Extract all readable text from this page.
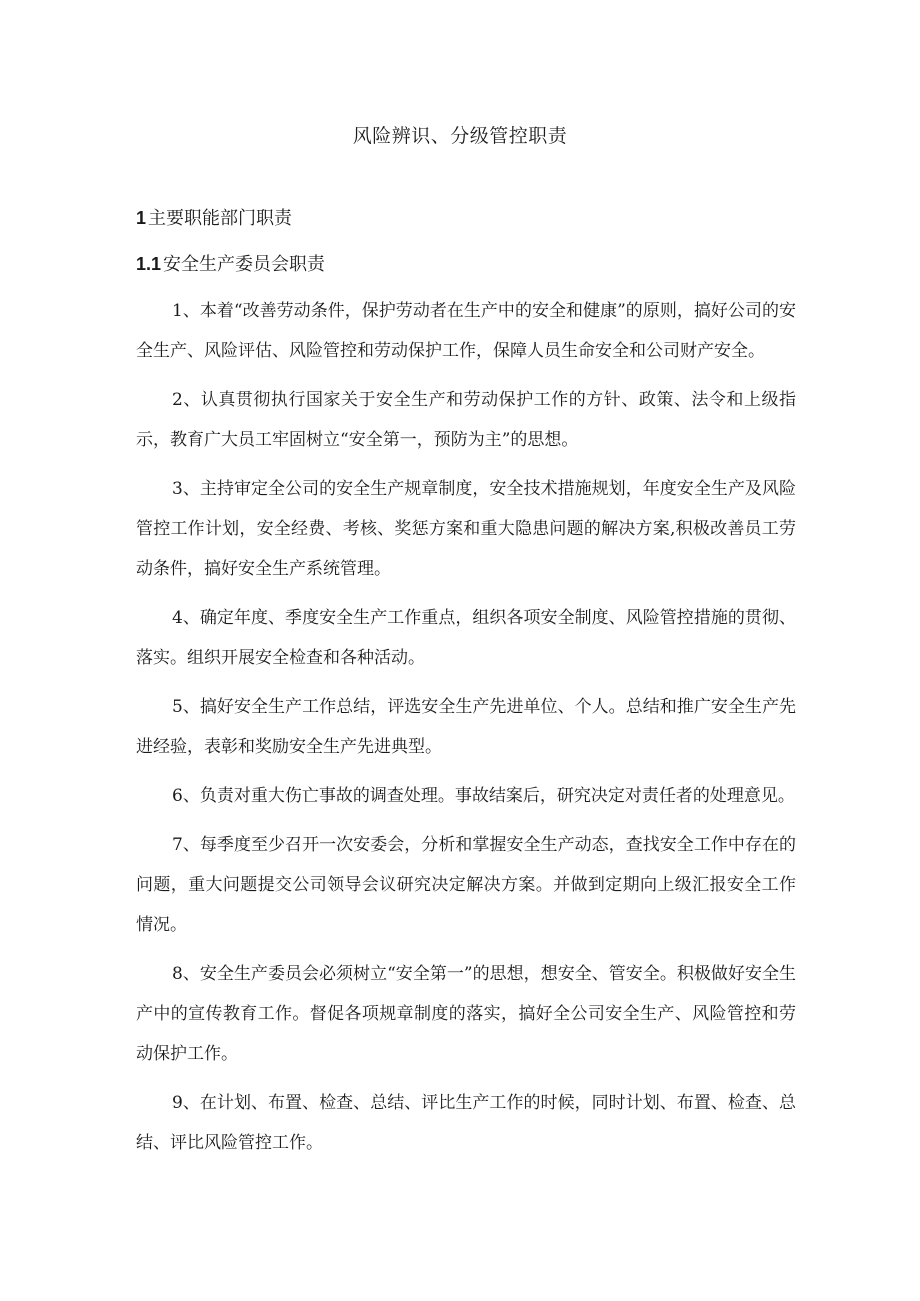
风险辨识、分级管控职责
1 主要职能部门职责
1.1 安全生产委员会职责

1、本着“改善劳动条件，保护劳动者在生产中的安全和健康”的原则，搞好公司的安全生产、风险评估、风险管控和劳动保护工作，保障人员生命安全和公司财产安全。

2、认真贯彻执行国家关于安全生产和劳动保护工作的方针、政策、法令和上级指示，教育广大员工牢固树立“安全第一，预防为主”的思想。

3、主持审定全公司的安全生产规章制度，安全技术措施规划，年度安全生产及风险管控工作计划，安全经费、考核、奖惩方案和重大隐患问题的解决方案,积极改善员工劳动条件，搞好安全生产系统管理。

4、确定年度、季度安全生产工作重点，组织各项安全制度、风险管控措施的贯彻、落实。组织开展安全检查和各种活动。

5、搞好安全生产工作总结，评选安全生产先进单位、个人。总结和推广安全生产先进经验，表彰和奖励安全生产先进典型。

6、负责对重大伤亡事故的调查处理。事故结案后，研究决定对责任者的处理意见。

7、每季度至少召开一次安委会，分析和掌握安全生产动态，查找安全工作中存在的问题，重大问题提交公司领导会议研究决定解决方案。并做到定期向上级汇报安全工作情况。

8、安全生产委员会必须树立“安全第一”的思想，想安全、管安全。积极做好安全生产中的宣传教育工作。督促各项规章制度的落实，搞好全公司安全生产、风险管控和劳动保护工作。

9、在计划、布置、检查、总结、评比生产工作的时候，同时计划、布置、检查、总结、评比风险管控工作。
